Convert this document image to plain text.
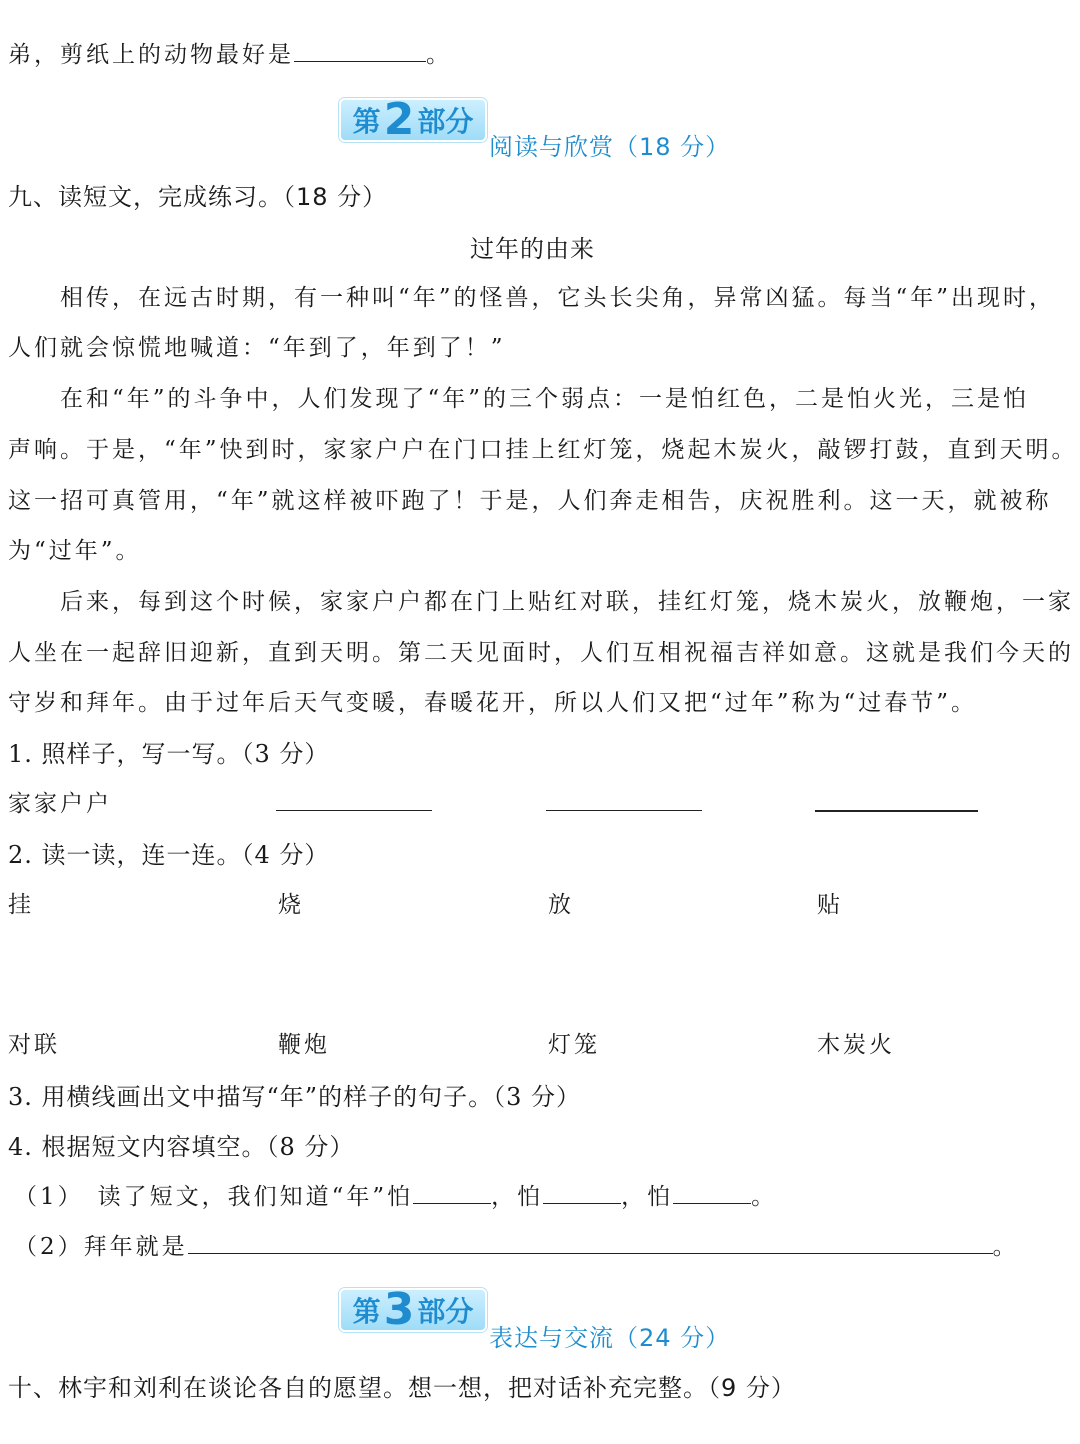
弟，剪纸上的动物最好是	。
第 2 部分
阅读与欣赏（18 分）
九、读短文，完成练习。（18 分）
过年的由来
相传，在远古时期，有一种叫“年”的怪兽，它头长尖角，异常凶猛。每当“年”出现时，
人们就会惊慌地喊道：“年到了，年到了！”
在和“年”的斗争中，人们发现了“年”的三个弱点：一是怕红色，二是怕火光，三是怕
声响。于是，“年”快到时，家家户户在门口挂上红灯笼，烧起木炭火，敲锣打鼓，直到天明。
这一招可真管用，“年”就这样被吓跑了！于是，人们奔走相告，庆祝胜利。这一天，就被称
为“过年”。
后来，每到这个时候，家家户户都在门上贴红对联，挂红灯笼，烧木炭火，放鞭炮，一家
人坐在一起辞旧迎新，直到天明。第二天见面时，人们互相祝福吉祥如意。这就是我们今天的
守岁和拜年。由于过年后天气变暖，春暖花开，所以人们又把“过年”称为“过春节”。
1. 照样子，写一写。（3 分）
家家户户
2. 读一读，连一连。（4 分）
挂	烧	放	贴
对联	鞭炮	灯笼	木炭火
3. 用横线画出文中描写“年”的样子的句子。（3 分）
4. 根据短文内容填空。（8 分）
（1） 读了短文，我们知道“年”怕	，怕	，怕	。
（2）拜年就是	。
第 3 部分
表达与交流（24 分）
十、林宇和刘利在谈论各自的愿望。想一想，把对话补充完整。（9 分）
